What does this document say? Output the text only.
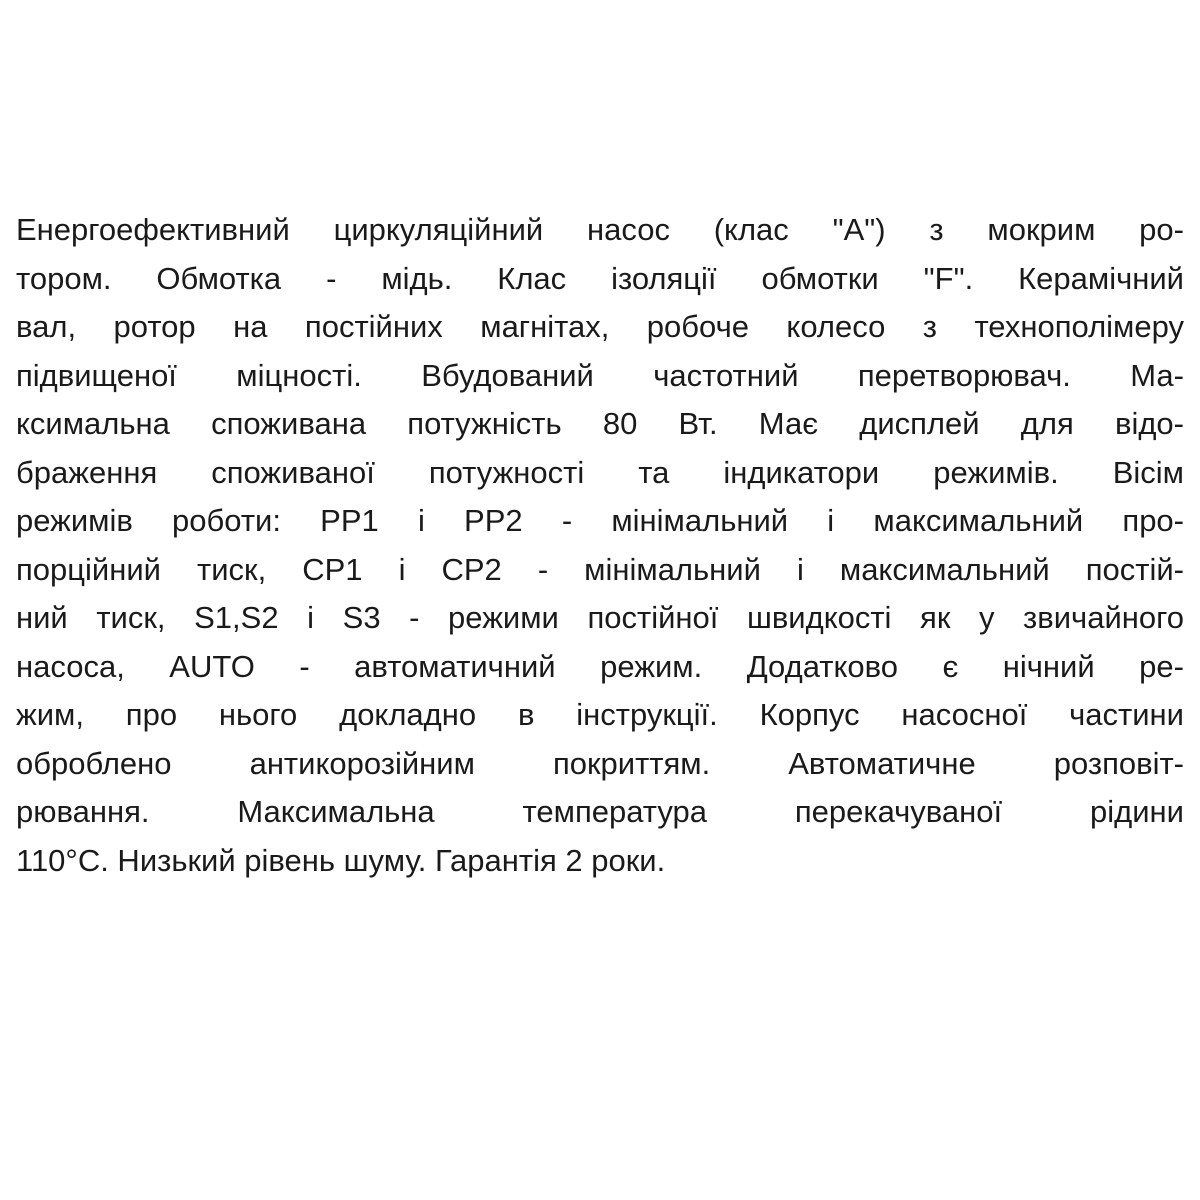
Енергоефективний циркуляційний насос (клас "А") з мокрим ро-
тором. Обмотка - мідь. Клас ізоляції обмотки "F". Керамічний
вал, ротор на постійних магнітах, робоче колесо з технополімеру
підвищеної міцності. Вбудований частотний перетворювач. Ма-
ксимальна споживана потужність 80 Вт. Має дисплей для відо-
браження споживаної потужності та індикатори режимів. Вісім
режимів роботи: PP1 і PP2 - мінімальний і максимальний про-
порційний тиск, CP1 і CP2 - мінімальний і максимальний постій-
ний тиск, S1,S2 і S3 - режими постійної швидкості як у звичайного
насоса, AUTO - автоматичний режим. Додатково є нічний ре-
жим, про нього докладно в інструкції. Корпус насосної частини
оброблено антикорозійним покриттям. Автоматичне розповіт-
рювання. Максимальна температура перекачуваної рідини
110°С. Низький рівень шуму. Гарантія 2 роки.
